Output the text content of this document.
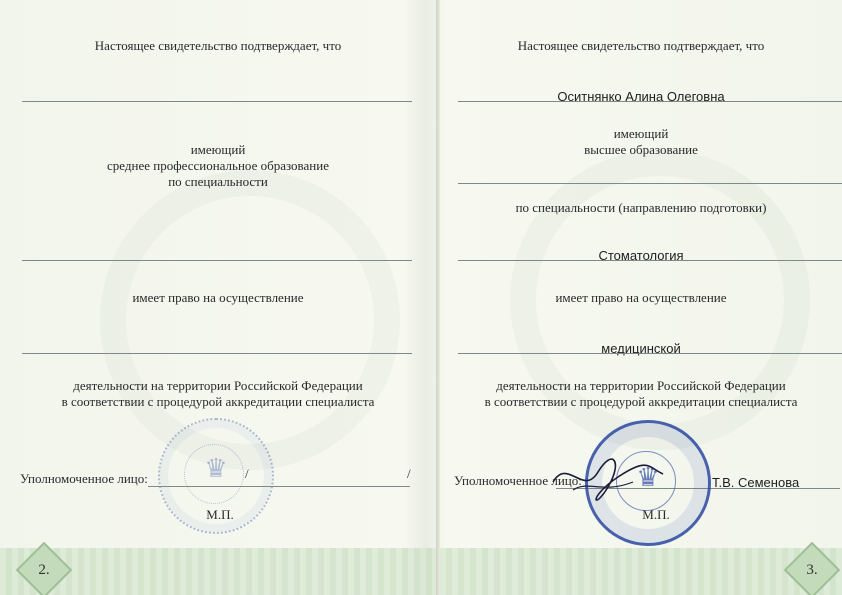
Настоящее свидетельство подтверждает, что
имеющий
среднее профессиональное образование
по специальности
имеет право на осуществление
деятельности на территории Российской Федерации
в соответствии с процедурой аккредитации специалиста
♛
Уполномоченное лицо:	/	/
М.П.
2.
Настоящее свидетельство подтверждает, что
Оситнянко Алина Олеговна
имеющий
высшее образование
по специальности (направлению подготовки)
Стоматология
имеет право на осуществление
медицинской
деятельности на территории Российской Федерации
в соответствии с процедурой аккредитации специалиста
Уполномоченное лицо:	♛	Т.В. Семенова
М.П.
3.
